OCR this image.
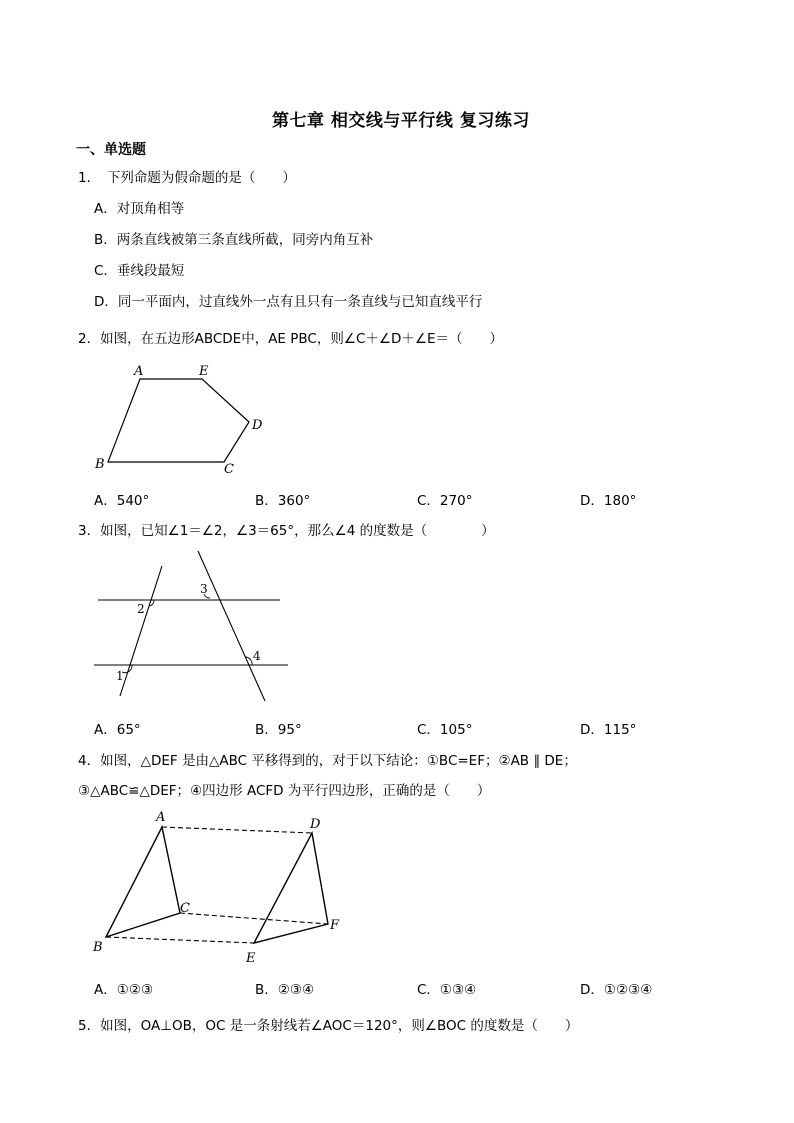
第七章 相交线与平行线 复习练习
一、单选题
1．　下列命题为假命题的是（　　）
A．对顶角相等
B．两条直线被第三条直线所截，同旁内角互补
C．垂线段最短
D．同一平面内，过直线外一点有且只有一条直线与已知直线平行
2．如图，在五边形ABCDE中，AE PBC，则∠C＋∠D＋∠E＝（　　）
A	E
D
C
B
A．540°	B．360°	C．270°	D．180°
3．如图，已知∠1＝∠2，∠3＝65°，那么∠4 的度数是（　　　　）
2
3
4
1
A．65°	B．95°	C．105°	D．115°
4．如图，△DEF 是由△ABC 平移得到的，对于以下结论：①BC=EF；②AB ∥ DE；
③△ABC≌△DEF；④四边形 ACFD 为平行四边形，正确的是（　　）
A	D
C
F
B
E
A．①②③	B．②③④	C．①③④	D．①②③④
5．如图，OA⊥OB，OC 是一条射线若∠AOC＝120°，则∠BOC 的度数是（　　）
